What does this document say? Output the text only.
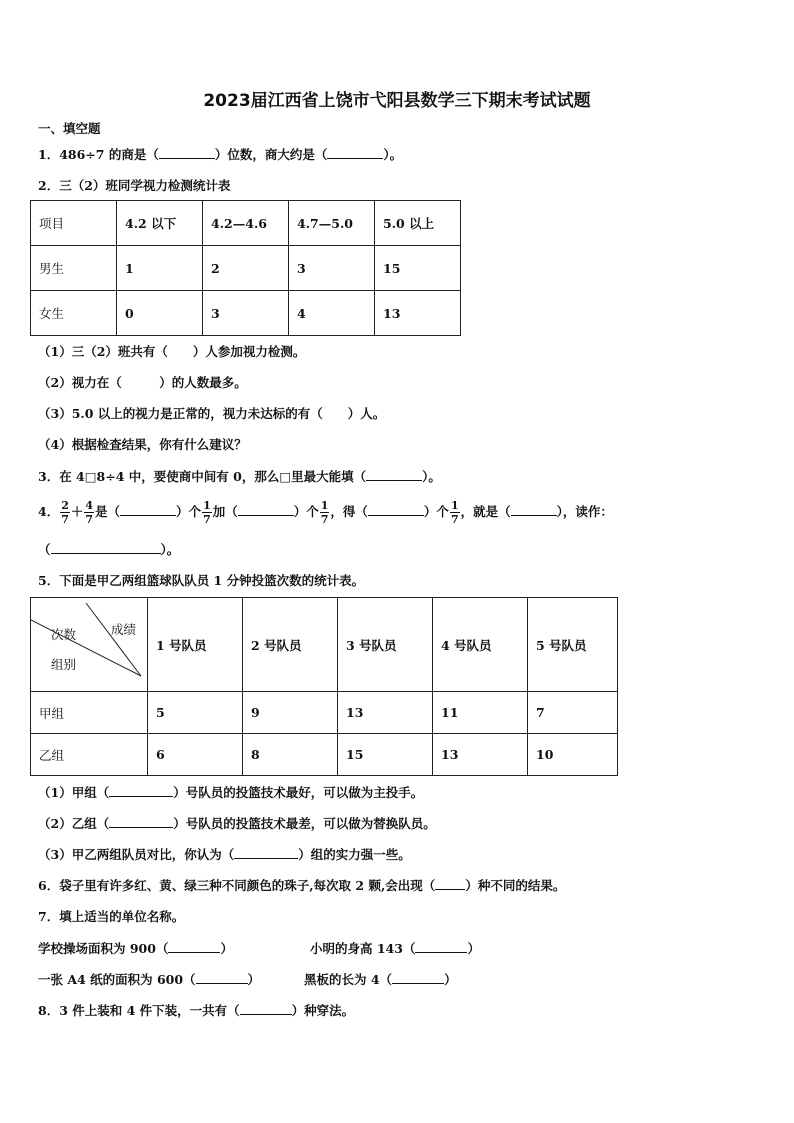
2023届江西省上饶市弋阳县数学三下期末考试试题
一、填空题
1．486÷7 的商是（	）位数，商大约是（	）。
2．三（2）班同学视力检测统计表
项目	4.2 以下	4.2—4.6	4.7—5.0	5.0 以上
男生	1	2	3	15
女生	0	3	4	13
（1）三（2）班共有（　　）人参加视力检测。
（2）视力在（　　　）的人数最多。
（3）5.0 以上的视力是正常的，视力未达标的有（　　）人。
（4）根据检查结果，你有什么建议？
3．在 4□8÷4 中，要使商中间有 0，那么□里最大能填（	）。
4． $\frac{2}{7} + \frac{4}{7}$ 是（	）个 $\frac{1}{7}$ 加（	）个 $\frac{1}{7}$ ，得（	）个 $\frac{1}{7}$ ，就是（	），读作：
（	）。
5．下面是甲乙两组篮球队队员 1 分钟投篮次数的统计表。
成绩
次数
组别	1 号队员	2 号队员	3 号队员	4 号队员	5 号队员
甲组	5	9	13	11	7
乙组	6	8	15	13	10
（1）甲组（	）号队员的投篮技术最好，可以做为主投手。
（2）乙组（	）号队员的投篮技术最差，可以做为替换队员。
（3）甲乙两组队员对比，你认为（	）组的实力强一些。
6．袋子里有许多红、黄、绿三种不同颜色的珠子,每次取 2 颗,会出现（ ）种不同的结果。
7．填上适当的单位名称。
学校操场面积为 900（	）	小明的身高 143（	）
一张 A4 纸的面积为 600（	）	黑板的长为 4（	）
8．3 件上装和 4 件下装，一共有（	）种穿法。
